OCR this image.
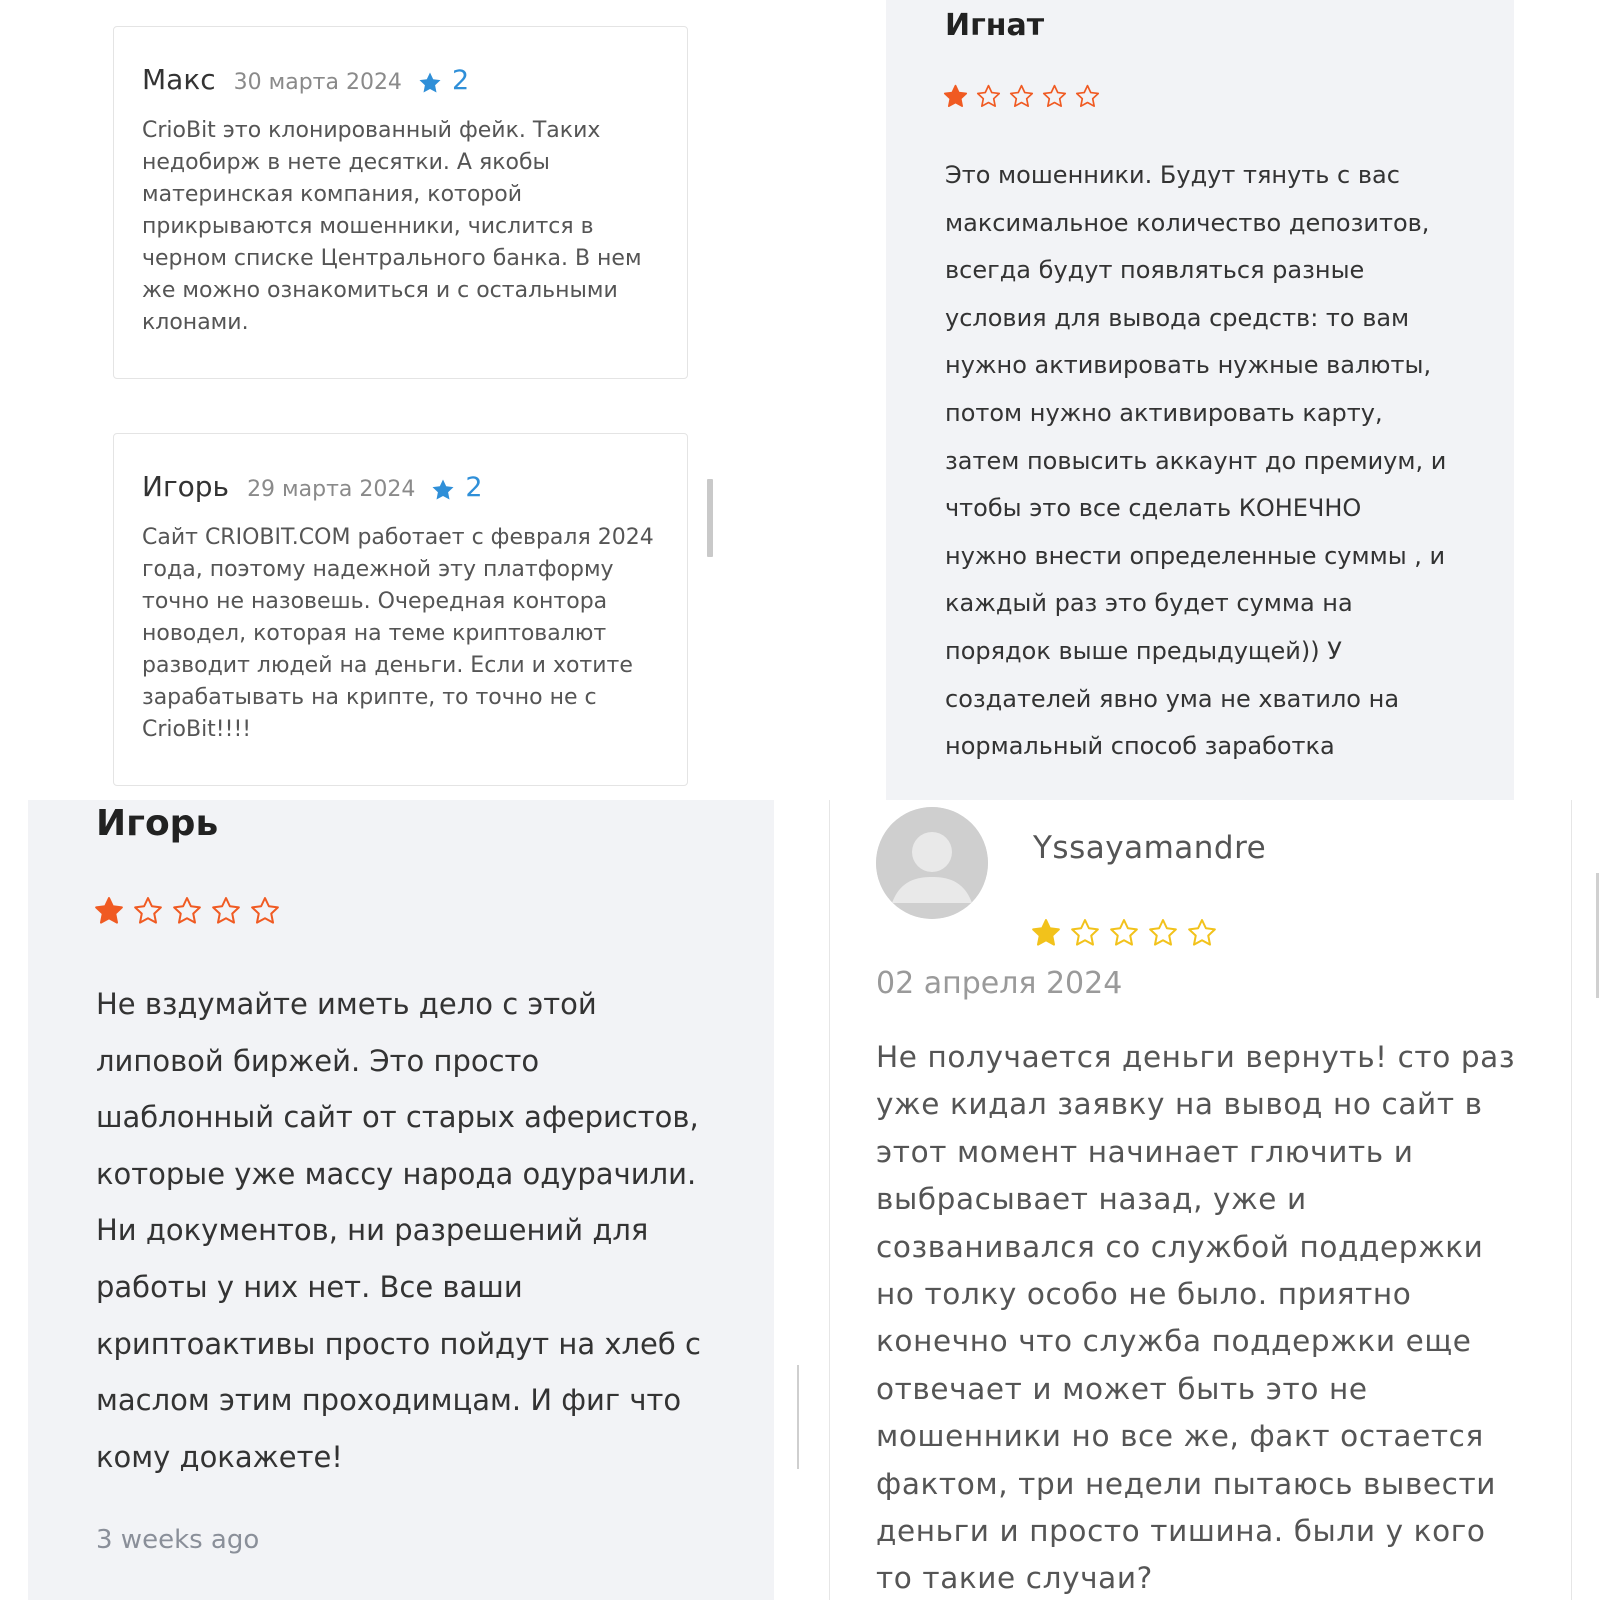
Макс 30 марта 2024 2
CrioBit это клонированный фейк. Таких
недобирж в нете десятки. А якобы
материнская компания, которой
прикрываются мошенники, числится в
черном списке Центрального банка. В нем
же можно ознакомиться и с остальными
клонами.
Игорь 29 марта 2024 2
Сайт CRIOBIT.COM работает с февраля 2024
года, поэтому надежной эту платформу
точно не назовешь. Очередная контора
новодел, которая на теме криптовалют
разводит людей на деньги. Если и хотите
зарабатывать на крипте, то точно не с
CrioBit!!!!
Игнат
Это мошенники. Будут тянуть с вас
максимальное количество депозитов,
всегда будут появляться разные
условия для вывода средств: то вам
нужно активировать нужные валюты,
потом нужно активировать карту,
затем повысить аккаунт до премиум, и
чтобы это все сделать КОНЕЧНО
нужно внести определенные суммы , и
каждый раз это будет сумма на
порядок выше предыдущей)) У
создателей явно ума не хватило на
нормальный способ заработка
Игорь
Не вздумайте иметь дело с этой
липовой биржей. Это просто
шаблонный сайт от старых аферистов,
которые уже массу народа одурачили.
Ни документов, ни разрешений для
работы у них нет. Все ваши
криптоактивы просто пойдут на хлеб с
маслом этим проходимцам. И фиг что
кому докажете!
3 weeks ago
Yssayamandre
02 апреля 2024
Не получается деньги вернуть! сто раз
уже кидал заявку на вывод но сайт в
этот момент начинает глючить и
выбрасывает назад, уже и
созванивался со службой поддержки
но толку особо не было. приятно
конечно что служба поддержки еще
отвечает и может быть это не
мошенники но все же, факт остается
фактом, три недели пытаюсь вывести
деньги и просто тишина. были у кого
то такие случаи?
